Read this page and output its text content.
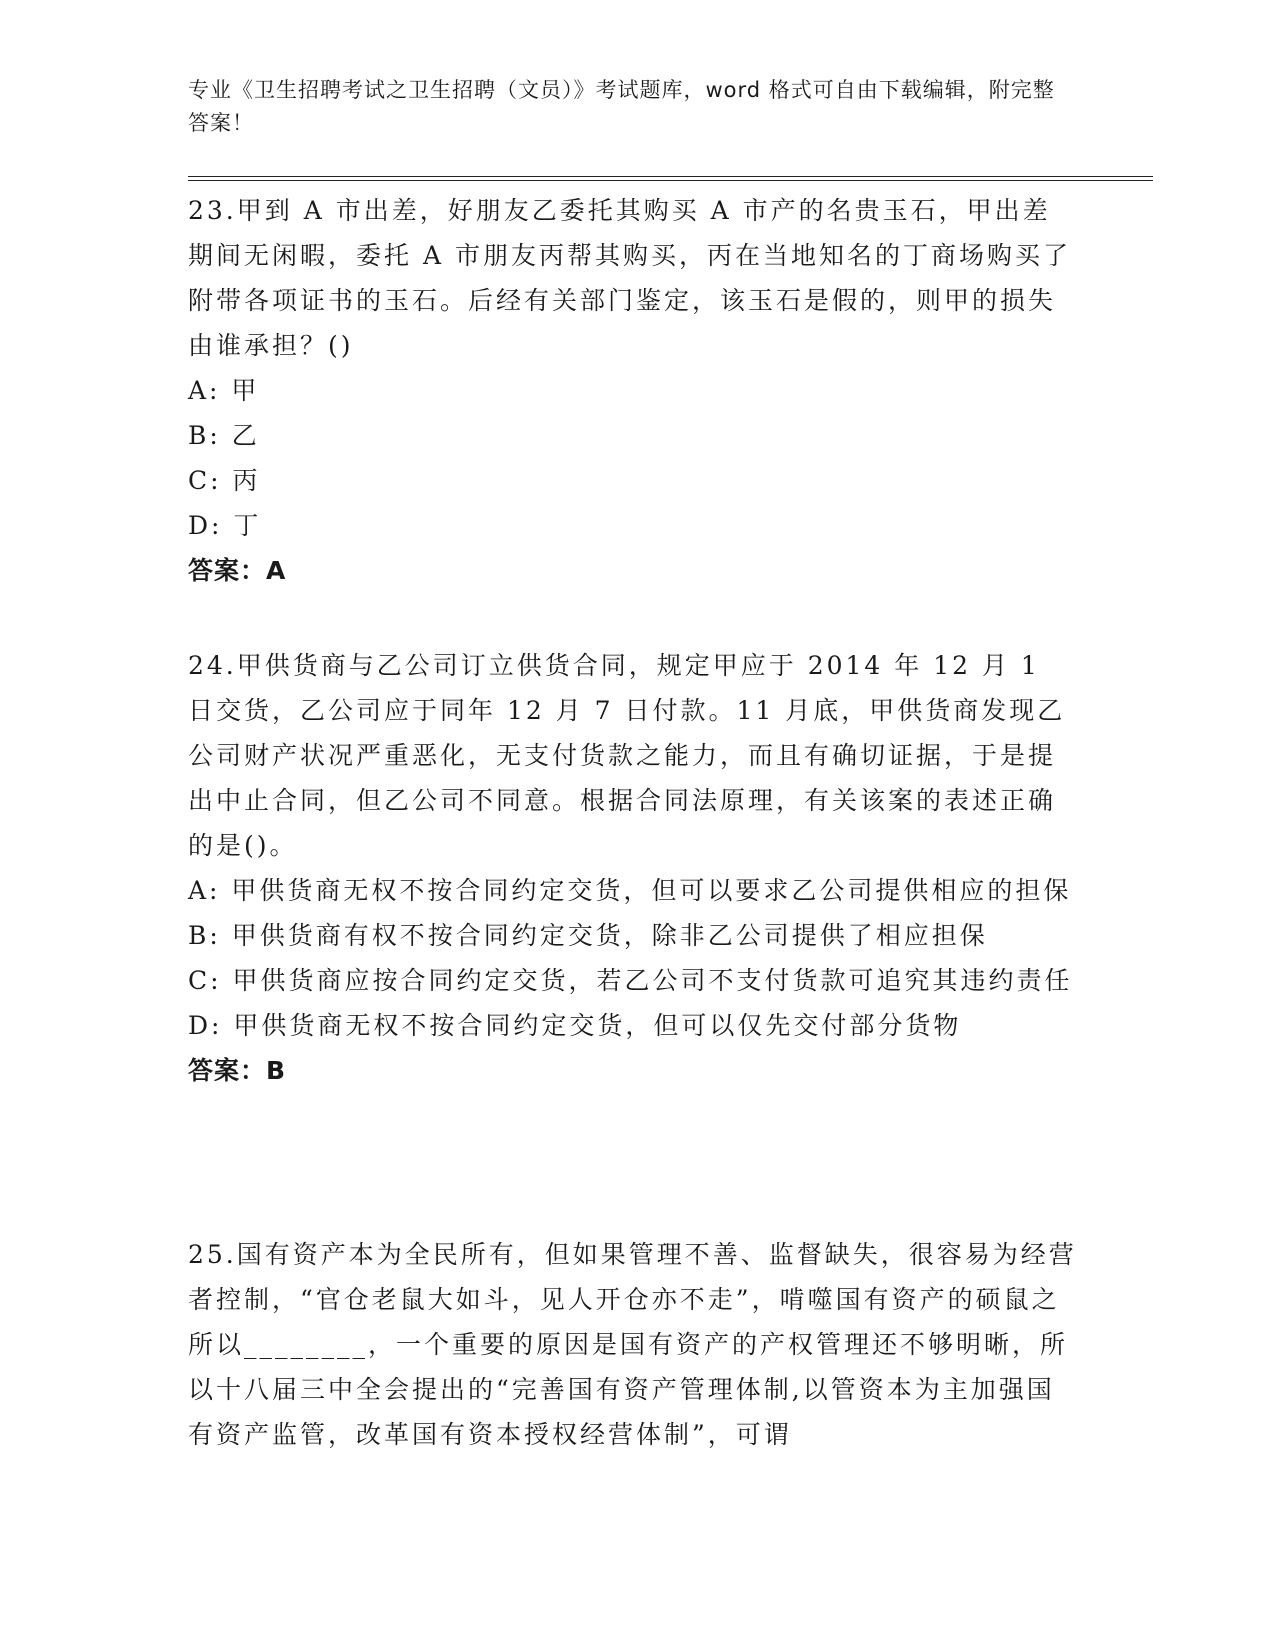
专业《卫生招聘考试之卫生招聘（文员）》考试题库，word 格式可自由下载编辑，附完整答案！

23.甲到 A 市出差，好朋友乙委托其购买 A 市产的名贵玉石，甲出差期间无闲暇，委托 A 市朋友丙帮其购买，丙在当地知名的丁商场购买了附带各项证书的玉石。后经有关部门鉴定，该玉石是假的，则甲的损失由谁承担？()

A: 甲
B: 乙
C: 丙
D: 丁

答案：A

24.甲供货商与乙公司订立供货合同，规定甲应于 2014 年 12 月 1 日交货，乙公司应于同年 12 月 7 日付款。11 月底，甲供货商发现乙公司财产状况严重恶化，无支付货款之能力，而且有确切证据，于是提出中止合同，但乙公司不同意。根据合同法原理，有关该案的表述正确的是()。

A: 甲供货商无权不按合同约定交货，但可以要求乙公司提供相应的担保
B: 甲供货商有权不按合同约定交货，除非乙公司提供了相应担保
C: 甲供货商应按合同约定交货，若乙公司不支付货款可追究其违约责任
D: 甲供货商无权不按合同约定交货，但可以仅先交付部分货物

答案：B

25.国有资产本为全民所有，但如果管理不善、监督缺失，很容易为经营者控制，“官仓老鼠大如斗，见人开仓亦不走”，啃噬国有资产的硕鼠之所以________，一个重要的原因是国有资产的产权管理还不够明晰，所以十八届三中全会提出的“完善国有资产管理体制,以管资本为主加强国有资产监管，改革国有资本授权经营体制”，可谓
